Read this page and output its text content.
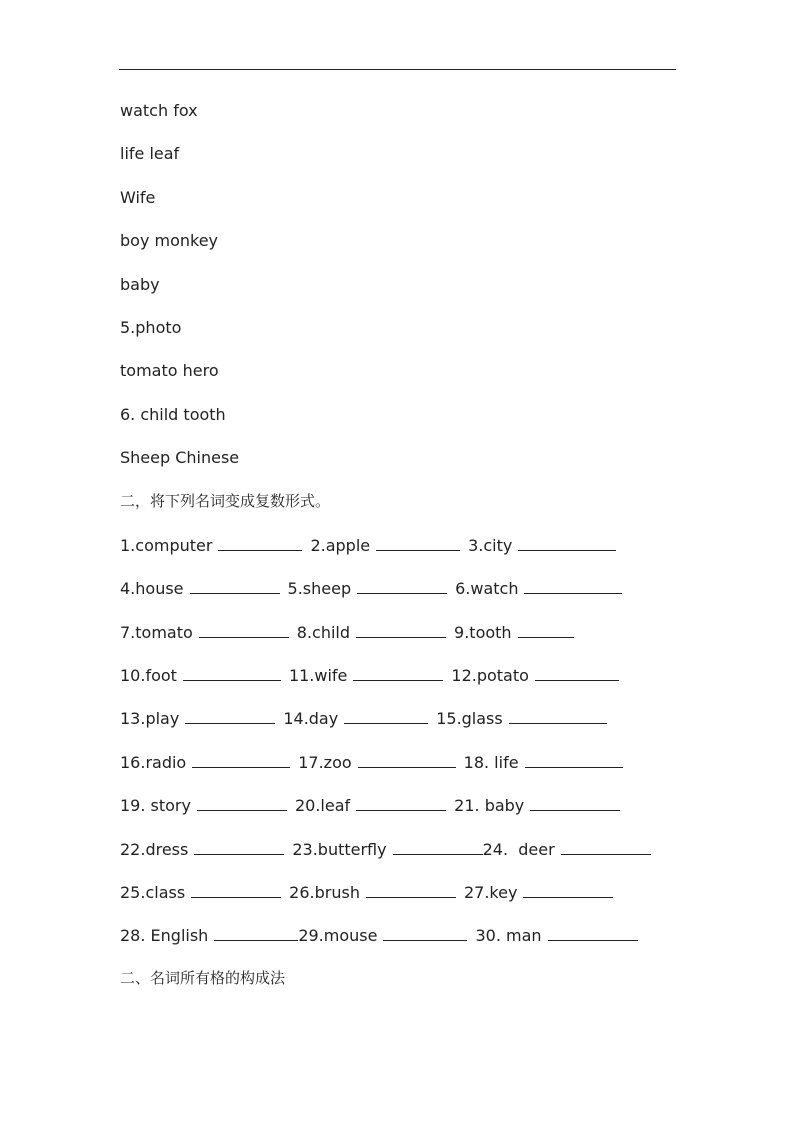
watch fox
life leaf
Wife
boy monkey
baby
5.photo
tomato hero
6. child tooth
Sheep Chinese
二，将下列名词变成复数形式。
1.computer	2.apple	3.city
4.house	5.sheep	6.watch
7.tomato	8.child	9.tooth
10.foot	11.wife	12.potato
13.play	14.day	15.glass
16.radio	17.zoo	18. life
19. story	20.leaf	21. baby
22.dress	23.butterfly	24.  deer
25.class	26.brush	27.key
28. English	29.mouse	30. man
二、名词所有格的构成法
